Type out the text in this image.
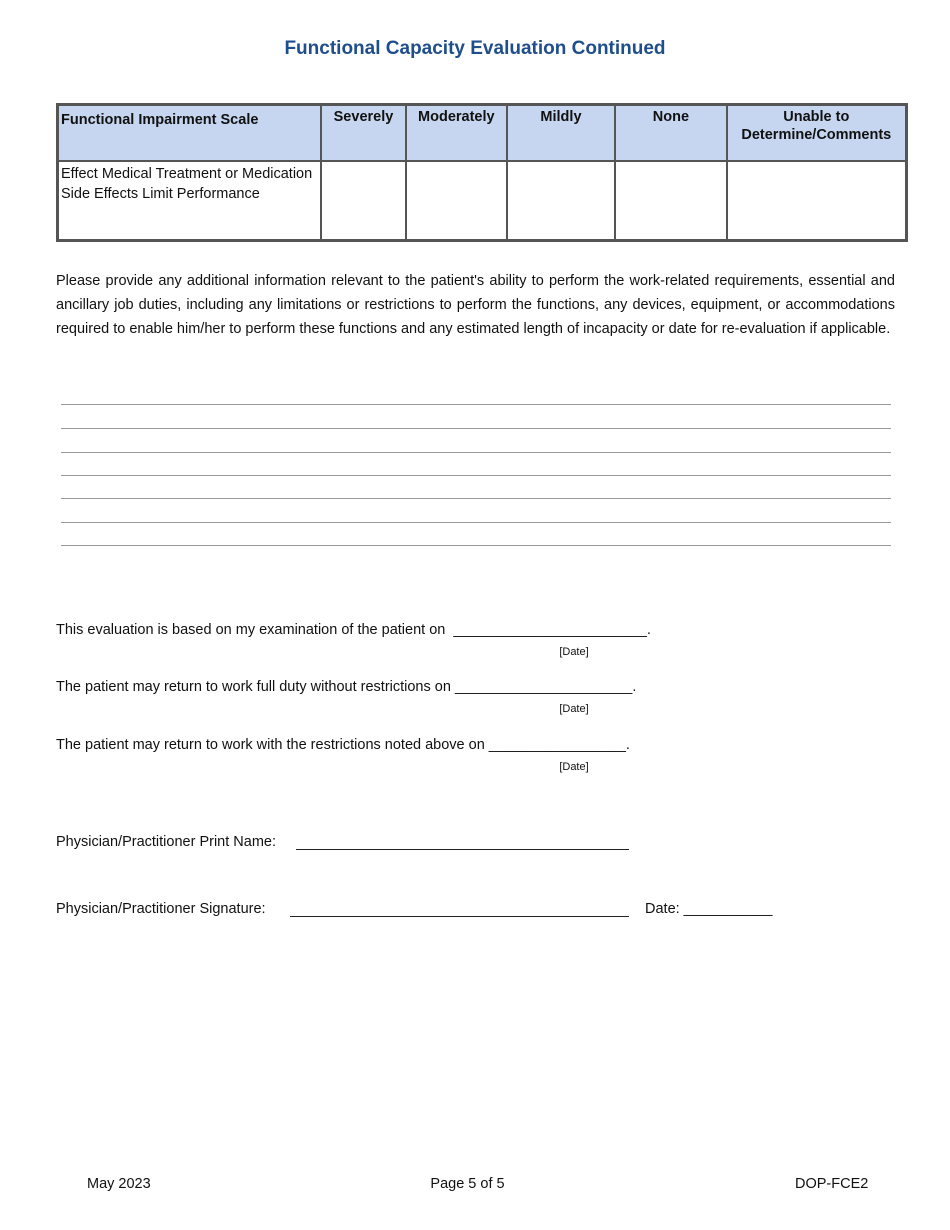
Functional Capacity Evaluation Continued
Functional Impairment Scale	Severely	Moderately	Mildly	None	Unable to Determine/Comments
Effect Medical Treatment or Medication Side Effects Limit Performance					
Please provide any additional information relevant to the patient's ability to perform the work-related requirements, essential and ancillary job duties, including any limitations or restrictions to perform the functions, any devices, equipment, or accommodations required to enable him/her to perform these functions and any estimated length of incapacity or date for re-evaluation if applicable.
This evaluation is based on my examination of the patient on  ________________________.
[Date]
The patient may return to work full duty without restrictions on ______________________.
[Date]
The patient may return to work with the restrictions noted above on _________________.
[Date]
Physician/Practitioner Print Name:
Physician/Practitioner Signature:	Date: ___________
May 2023	Page 5 of 5	DOP-FCE2
